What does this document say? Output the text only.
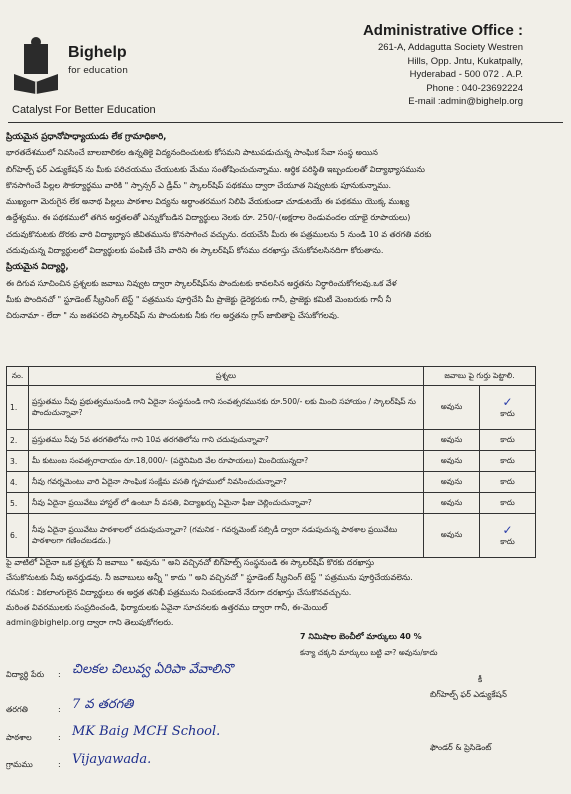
Bighelp
for education
Catalyst For Better Education
Administrative Office :
261-A, Addagutta Society Westren
Hills, Opp. Jntu, Kukatpally,
Hyderabad - 500 072 . A.P.
Phone : 040-23692224
E-mail :admin@bighelp.org
ప్రియమైన ప్రధానోపాధ్యాయుడు లేక గ్రామాధికారి,
భారతదేశములో నివసించే బాలబాలికల ఉన్నతికై విద్యనందించుటకు కోసమని పాటుపడుచున్న సాంఘిక సేవా సంస్థ అయిన
బిగ్‌హెల్ప్ ఫర్ ఎడ్యుకేషన్ ను మీకు పరిచయము చేయుటకు మేము సంతోషించుచున్నాము. ఆర్థిక పరిస్థితి ఇబ్బందులతో విద్యాభ్యాసమును
కొనసాగించే పిల్లల సౌకర్యార్థము వారికి " స్పాన్సర్ ఎ డ్రీమ్ " స్కాలర్‌షిప్ పథకము ద్వారా చేయూత నివ్వుటకు పూనుకున్నాము.
ముఖ్యంగా మెరుగైన లేక అనాథ పిల్లలు పాఠశాల విద్యను అర్థాంతరముగ నిలిపి వేయకుండా చూడుటయే ఈ పథకము యొక్క ముఖ్య
ఉద్దేశ్యము. ఈ పథకములో తగిన అర్హతలతో ఎన్నుకోబడిన విద్యార్థులు నెలకు రూ. 250/-(అక్షరాల రెండువందల యాభై రూపాయలు)
చదువుకొనుటకు దొరకు వారి విద్యాభ్యాస జీవితమును కొనసాగించ వచ్చును. దయచేసి మీరు ఈ పత్రములను 5 నుండి 10 వ తరగతి వరకు
చదువుచున్న విద్యార్థులలో విద్యార్థులకు పంపిణీ చేసి వారిని ఈ స్కాలర్‌షిప్ కోసము దరఖాస్తు చేసుకోవలసినదిగా కోరుతాను.
ప్రియమైన విద్యార్థి,
ఈ దిగువ సూచించిన ప్రశ్నలకు జవాబు నివ్వుట ద్వారా స్కాలర్‌షిప్‌ను పొందుటకు కావలసిన అర్హతను నిర్ధారించుకోగలవు.ఒక వేళ
మీకు పొందినచో " స్టూడెంట్ స్క్రీనింగ్ టెస్ట్ " పత్రమును పూర్తిచేసి మీ ప్రాజెక్టు డైరెక్టరుకు గానీ, ప్రాజెక్టు కమిటీ మెంబరుకు గానీ నీ
చిరునామా - లేదా " ను జతపరచి స్కాలర్‌షిప్ ను పొందుటకు నీకు గల అర్హతను గ్రాస్ జాబితాపై చేసుకోగలవు.
నం.	ప్రశ్నలు	జవాబు పై గుర్తు పెట్టాలి.	
1.	ప్రస్తుతము నీవు ప్రభుత్వమునుండి గాని ఏదైనా సంస్థనుండి గాని సంవత్సరమునకు రూ.500/- లకు మించి సహాయం / స్కాలర్‌షిప్ ను పొందుచున్నావా?	అవును	✓
కాదు
2.	ప్రస్తుతము నీవు 5వ తరగతిలోను గాని 10వ తరగతిలోను గాని చదువుచున్నావా?	అవును	కాదు
3.	మీ కుటుంబ సంవత్సరాదాయం రూ.18,000/- (పద్దెనిమిది వేల రూపాయలు) మించియున్నదా?	అవును	కాదు
4.	నీవు గవర్నమెంటు వారి ఏదైనా సాంఘిక సంక్షేమ వసతి గృహములో నివసించుచున్నావా?	అవును	కాదు
5.	నీవు ఏదైనా ప్రయివేటు హాస్టల్ లో ఉంటూ నీ వసతి, విద్యాఖర్చు ఏమైనా ఫీజు చెల్లించుచున్నావా?	అవును	కాదు
6.	నీవు ఏదైనా ప్రయివేటు పాఠశాలలో చదువుచున్నావా? (గమనిక - గవర్నమెంట్ సబ్సిడీ ద్వారా నడుపుచున్న పాఠశాల ప్రయివేటు పాఠశాలగా గణించబడదు.)	అవును	✓
కాదు
పై వాటిలో ఏదైనా ఒక ప్రశ్నకు నీ జవాబు " అవును " అని వచ్చినచో బిగ్‌హెల్ప్ సంస్థనుండి ఈ స్కాలర్‌షిప్ కొరకు దరఖాస్తు
చేసుకొనుటకు నీవు అనర్హుడవు. నీ జవాబులు అన్నీ " కాదు " అని వచ్చినచో " స్టూడెంట్ స్క్రీనింగ్ టెస్ట్ " పత్రమును పూర్తిచేయవలెను.
గమనిక : వికలాంగులైన విద్యార్థులు ఈ అర్హత తనిఖీ పత్రమును నింపకుండానే నేరుగా దరఖాస్తు చేసుకొనవచ్చును.
మరింత వివరములకు సంప్రదించండి, ఫిర్యాదులకు ఏవైనా సూచనలకు ఉత్తరము ద్వారా గానీ, ఈ-మెయిల్
admin@bighelp.org ద్వారా గాని తెలుపుకోగలరు.
7 నిమిషాల బెంచీలో మార్కులు 40 %
కన్యా చక్కని మార్కులు బట్టి వా? అవును/కాదు
విద్యార్థి పేరు : చిలకల చిలువ్వ ఏరిపా వేవాలినొ
తరగతి	: 7 వ తరగతి
పాఠశాల	: MK Baig MCH School.
గ్రామము	: Vijayawada.
కీ
బిగ్‌హెల్ప్ ఫర్ ఎడ్యుకేషన్
ఫౌండర్ & ప్రెసిడెంట్
